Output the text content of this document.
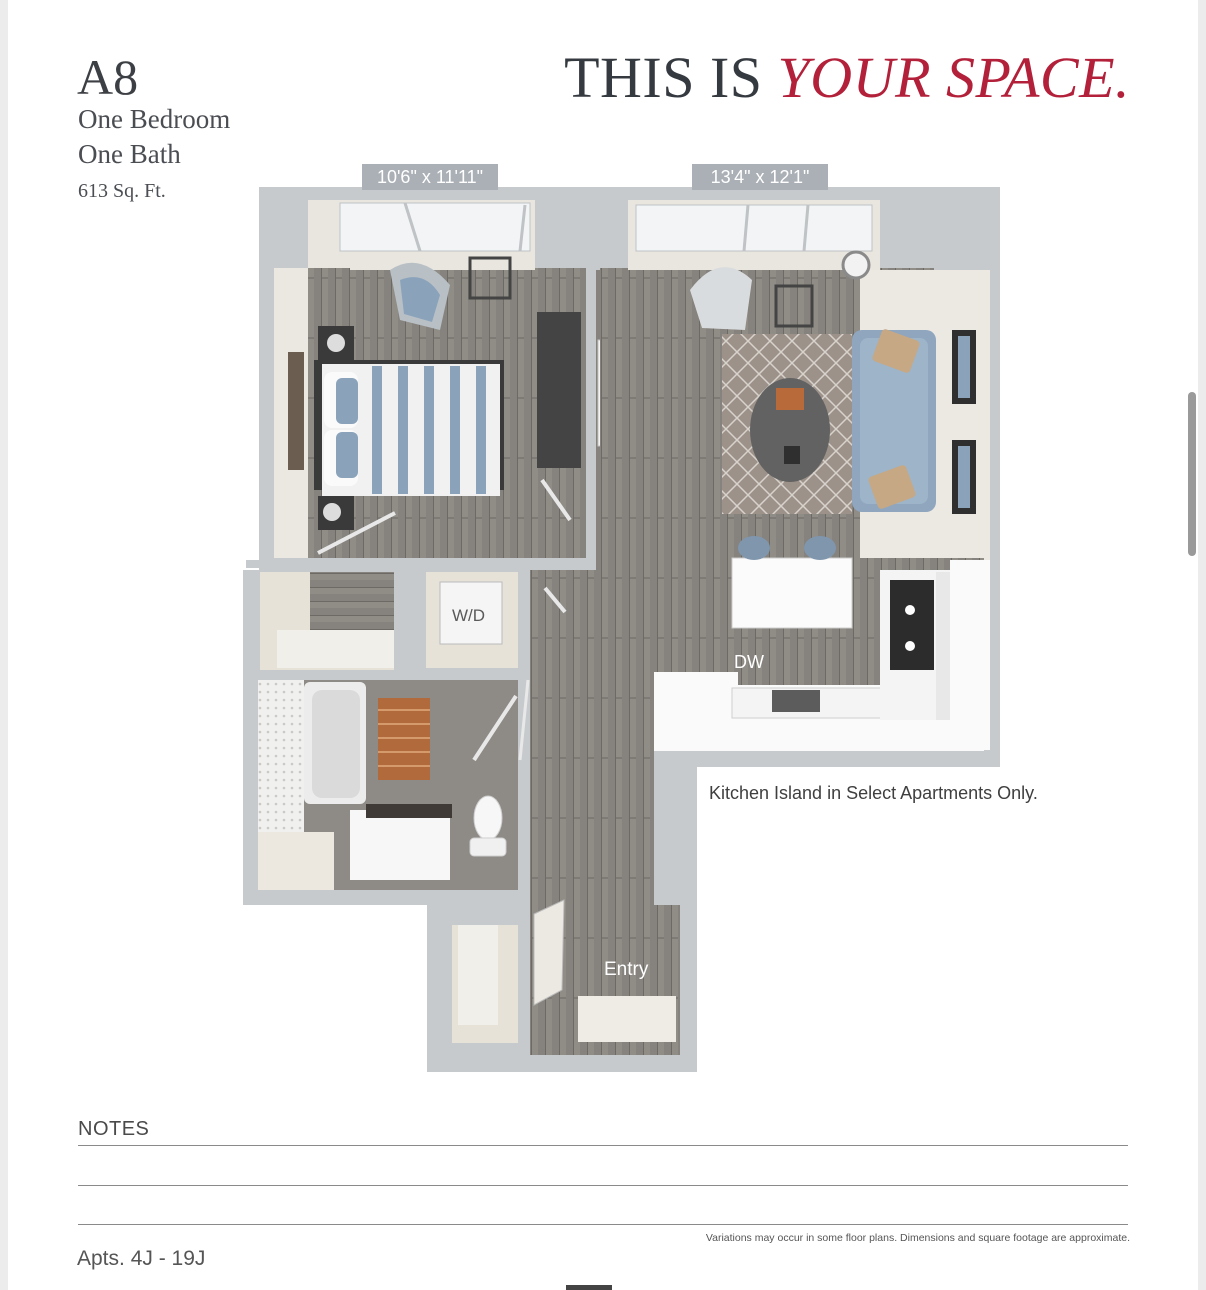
A8
One Bedroom
One Bath
613 Sq. Ft.
THIS IS YOUR SPACE.
10'6" x 11'11"	13'4" x 12'1"
W/D
DW
Entry
Kitchen Island in Select Apartments Only.
NOTES
Variations may occur in some floor plans. Dimensions and square footage are approximate.
Apts. 4J - 19J
